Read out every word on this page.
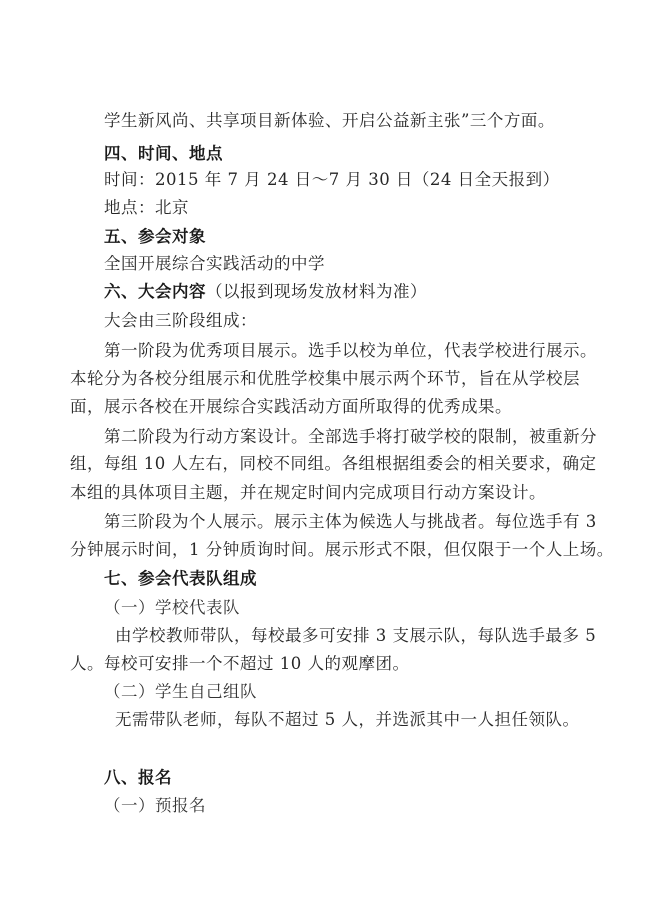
学生新风尚、共享项目新体验、开启公益新主张”三个方面。
四、时间、地点
时间：2015 年 7 月 24 日～7 月 30 日（24 日全天报到）
地点：北京
五、参会对象
全国开展综合实践活动的中学
六、大会内容（以报到现场发放材料为准）
大会由三阶段组成：
第一阶段为优秀项目展示。选手以校为单位，代表学校进行展示。
本轮分为各校分组展示和优胜学校集中展示两个环节，旨在从学校层
面，展示各校在开展综合实践活动方面所取得的优秀成果。
第二阶段为行动方案设计。全部选手将打破学校的限制，被重新分
组，每组 10 人左右，同校不同组。各组根据组委会的相关要求，确定
本组的具体项目主题，并在规定时间内完成项目行动方案设计。
第三阶段为个人展示。展示主体为候选人与挑战者。每位选手有 3
分钟展示时间，1 分钟质询时间。展示形式不限，但仅限于一个人上场。
七、参会代表队组成
（一）学校代表队
由学校教师带队，每校最多可安排 3 支展示队，每队选手最多 5
人。每校可安排一个不超过 10 人的观摩团。
（二）学生自己组队
无需带队老师，每队不超过 5 人，并选派其中一人担任领队。
八、报名
（一）预报名
